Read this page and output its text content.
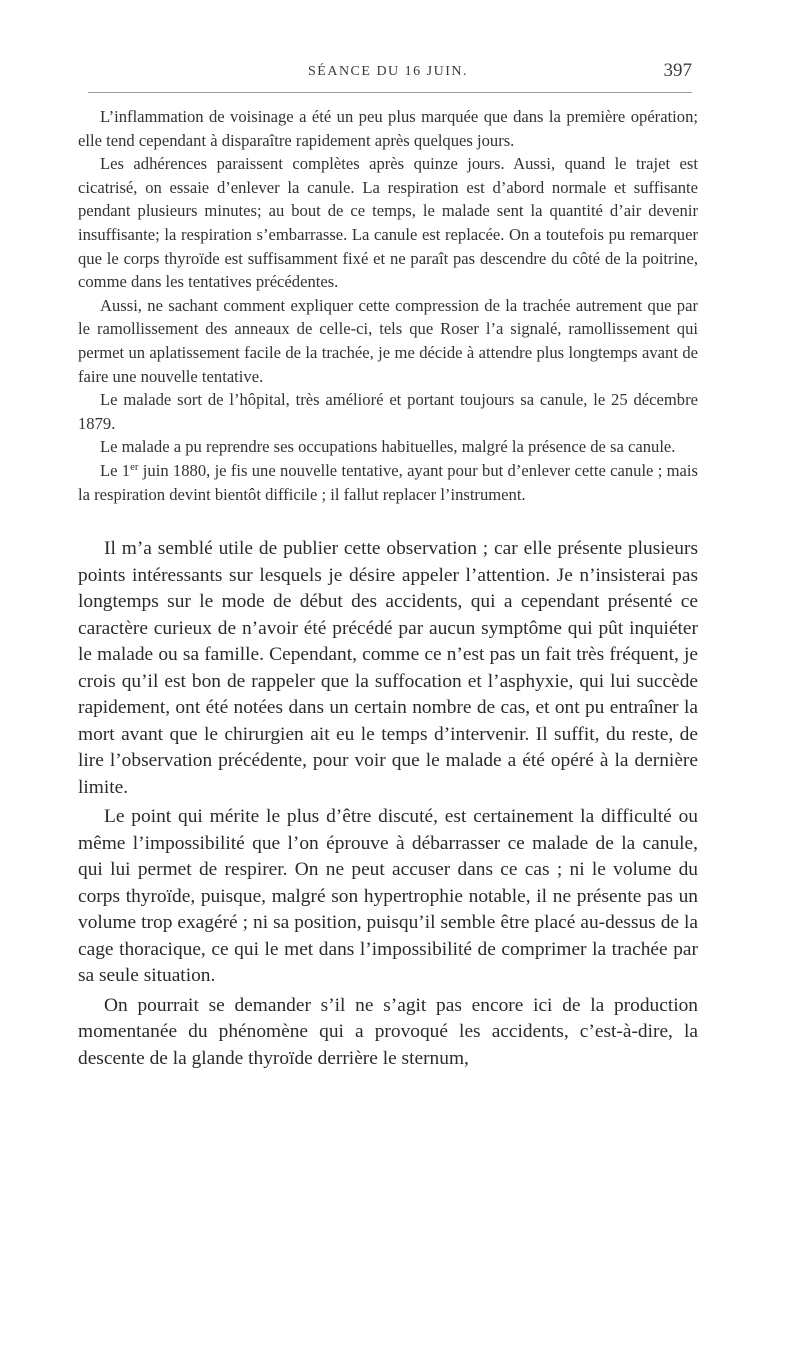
SÉANCE DU 16 JUIN.	397

L’inflammation de voisinage a été un peu plus marquée que dans la première opération; elle tend cependant à disparaître rapidement après quelques jours.

Les adhérences paraissent complètes après quinze jours. Aussi, quand le trajet est cicatrisé, on essaie d’enlever la canule. La respiration est d’abord normale et suffisante pendant plusieurs minutes; au bout de ce temps, le malade sent la quantité d’air devenir insuffisante; la respiration s’embarrasse. La canule est replacée. On a toutefois pu remarquer que le corps thyroïde est suffisamment fixé et ne paraît pas descendre du côté de la poitrine, comme dans les tentatives précédentes.

Aussi, ne sachant comment expliquer cette compression de la trachée autrement que par le ramollissement des anneaux de celle-ci, tels que Roser l’a signalé, ramollissement qui permet un aplatissement facile de la trachée, je me décide à attendre plus longtemps avant de faire une nouvelle tentative.

Le malade sort de l’hôpital, très amélioré et portant toujours sa canule, le 25 décembre 1879.

Le malade a pu reprendre ses occupations habituelles, malgré la présence de sa canule.

Le 1er juin 1880, je fis une nouvelle tentative, ayant pour but d’enlever cette canule ; mais la respiration devint bientôt difficile ; il fallut replacer l’instrument.

Il m’a semblé utile de publier cette observation ; car elle présente plusieurs points intéressants sur lesquels je désire appeler l’attention. Je n’insisterai pas longtemps sur le mode de début des accidents, qui a cependant présenté ce caractère curieux de n’avoir été précédé par aucun symptôme qui pût inquiéter le malade ou sa famille. Cependant, comme ce n’est pas un fait très fréquent, je crois qu’il est bon de rappeler que la suffocation et l’asphyxie, qui lui succède rapidement, ont été notées dans un certain nombre de cas, et ont pu entraîner la mort avant que le chirurgien ait eu le temps d’intervenir. Il suffit, du reste, de lire l’observation précédente, pour voir que le malade a été opéré à la dernière limite.

Le point qui mérite le plus d’être discuté, est certainement la difficulté ou même l’impossibilité que l’on éprouve à débarrasser ce malade de la canule, qui lui permet de respirer. On ne peut accuser dans ce cas ; ni le volume du corps thyroïde, puisque, malgré son hypertrophie notable, il ne présente pas un volume trop exagéré ; ni sa position, puisqu’il semble être placé au-dessus de la cage thoracique, ce qui le met dans l’impossibilité de comprimer la trachée par sa seule situation.

On pourrait se demander s’il ne s’agit pas encore ici de la production momentanée du phénomène qui a provoqué les accidents, c’est-à-dire, la descente de la glande thyroïde derrière le sternum,
